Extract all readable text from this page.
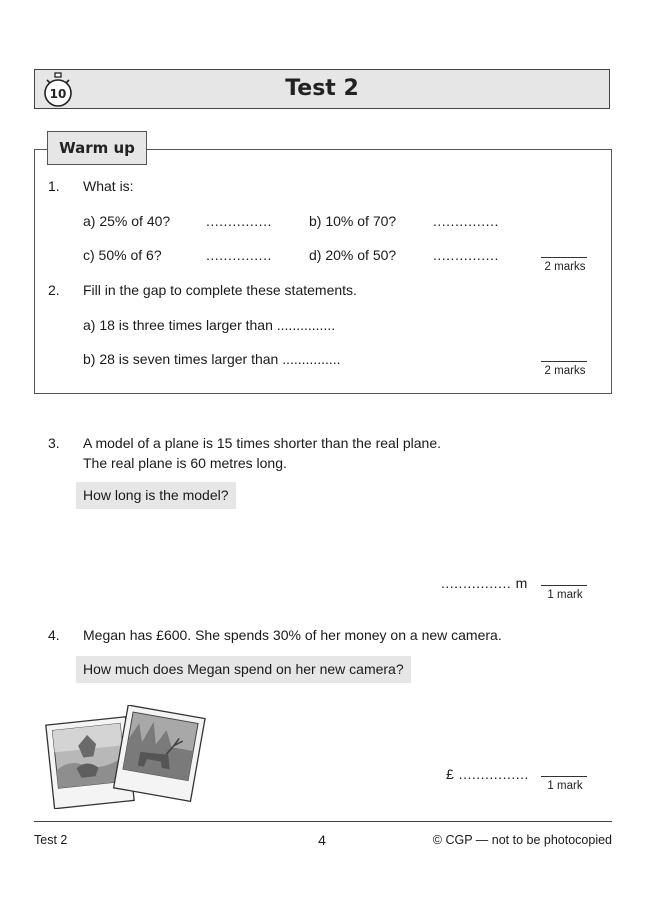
Test 2
10
Warm up
1. What is:
a) 25% of 40?	...............	b) 10% of 70?	...............
c) 50% of 6?	...............	d) 20% of 50?	...............
2 marks
2. Fill in the gap to complete these statements.
a) 18 is three times larger than ...............
b) 28 is seven times larger than ...............
2 marks
3. A model of a plane is 15 times shorter than the real plane.
The real plane is 60 metres long.
How long is the model?
................ m
1 mark
4. Megan has £600. She spends 30% of her money on a new camera.
How much does Megan spend on her new camera?
£ ................
1 mark
Test 2	4	© CGP — not to be photocopied
